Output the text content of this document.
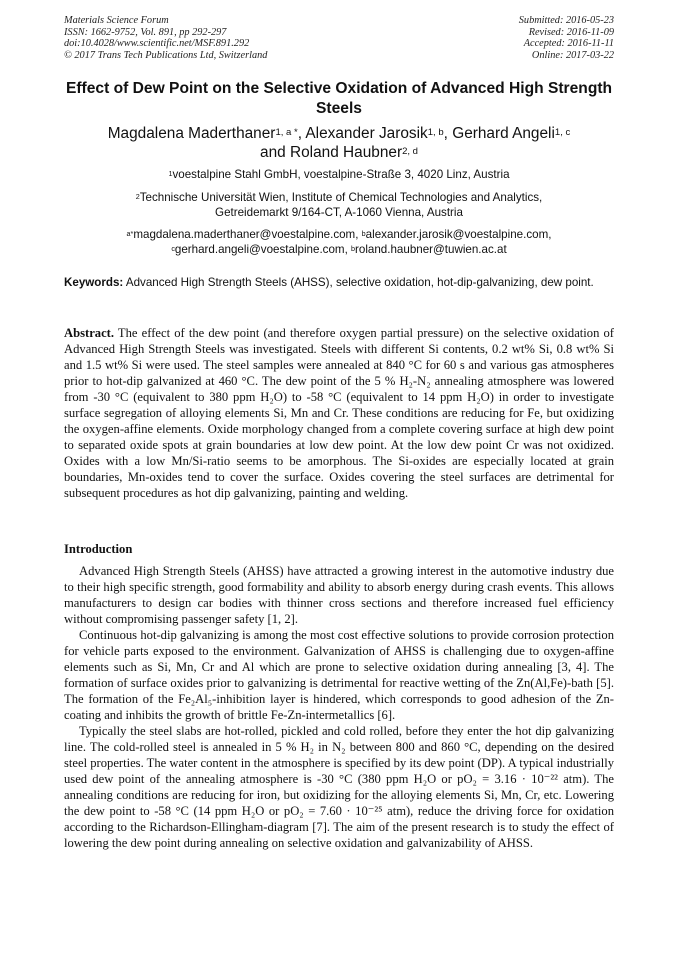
Materials Science Forum
ISSN: 1662-9752, Vol. 891, pp 292-297
doi:10.4028/www.scientific.net/MSF.891.292
© 2017 Trans Tech Publications Ltd, Switzerland
Submitted: 2016-05-23
Revised: 2016-11-09
Accepted: 2016-11-11
Online: 2017-03-22
Effect of Dew Point on the Selective Oxidation of Advanced High Strength Steels
Magdalena Maderthaner$^{1, a *}$, Alexander Jarosik$^{1, b}$, Gerhard Angeli$^{1, c}$
and Roland Haubner$^{2, d}$
$^1$voestalpine Stahl GmbH, voestalpine-Straße 3, 4020 Linz, Austria
$^2$Technische Universität Wien, Institute of Chemical Technologies and Analytics, Getreidemarkt 9/164-CT, A-1060 Vienna, Austria
$^{a*}$magdalena.maderthaner@voestalpine.com, $^b$alexander.jarosik@voestalpine.com,
$^c$gerhard.angeli@voestalpine.com, $^b$roland.haubner@tuwien.ac.at
Keywords: Advanced High Strength Steels (AHSS), selective oxidation, hot-dip-galvanizing, dew point.

Abstract. The effect of the dew point (and therefore oxygen partial pressure) on the selective oxidation of Advanced High Strength Steels was investigated. Steels with different Si contents, 0.2 wt% Si, 0.8 wt% Si and 1.5 wt% Si were used. The steel samples were annealed at 840 °C for 60 s and various gas atmospheres prior to hot-dip galvanized at 460 °C. The dew point of the 5 % H₂-N₂ annealing atmosphere was lowered from -30 °C (equivalent to 380 ppm H₂O) to -58 °C (equivalent to 14 ppm H₂O) in order to investigate surface segregation of alloying elements Si, Mn and Cr. These conditions are reducing for Fe, but oxidizing the oxygen-affine elements. Oxide morphology changed from a complete covering surface at high dew point to separated oxide spots at grain boundaries at low dew point. At the low dew point Cr was not oxidized. Oxides with a low Mn/Si-ratio seems to be amorphous. The Si-oxides are especially located at grain boundaries, Mn-oxides tend to cover the surface. Oxides covering the steel surfaces are detrimental for subsequent procedures as hot dip galvanizing, painting and welding.

Introduction

Advanced High Strength Steels (AHSS) have attracted a growing interest in the automotive industry due to their high specific strength, good formability and ability to absorb energy during crash events. This allows manufacturers to design car bodies with thinner cross sections and therefore increased fuel efficiency without compromising passenger safety [1, 2].

Continuous hot-dip galvanizing is among the most cost effective solutions to provide corrosion protection for vehicle parts exposed to the environment. Galvanization of AHSS is challenging due to oxygen-affine elements such as Si, Mn, Cr and Al which are prone to selective oxidation during annealing [3, 4]. The formation of surface oxides prior to galvanizing is detrimental for reactive wetting of the Zn(Al,Fe)-bath [5]. The formation of the Fe₂Al₅-inhibition layer is hindered, which corresponds to good adhesion of the Zn-coating and inhibits the growth of brittle Fe-Zn-intermetallics [6].

Typically the steel slabs are hot-rolled, pickled and cold rolled, before they enter the hot dip galvanizing line. The cold-rolled steel is annealed in 5 % H₂ in N₂ between 800 and 860 °C, depending on the desired steel properties. The water content in the atmosphere is specified by its dew point (DP). A typical industrially used dew point of the annealing atmosphere is -30 °C (380 ppm H₂O or pO₂ = 3.16 · 10⁻²² atm). The annealing conditions are reducing for iron, but oxidizing for the alloying elements Si, Mn, Cr, etc. Lowering the dew point to -58 °C (14 ppm H₂O or pO₂ = 7.60 · 10⁻²⁵ atm), reduce the driving force for oxidation according to the Richardson-Ellingham-diagram [7]. The aim of the present research is to study the effect of lowering the dew point during annealing on selective oxidation and galvanizability of AHSS.
